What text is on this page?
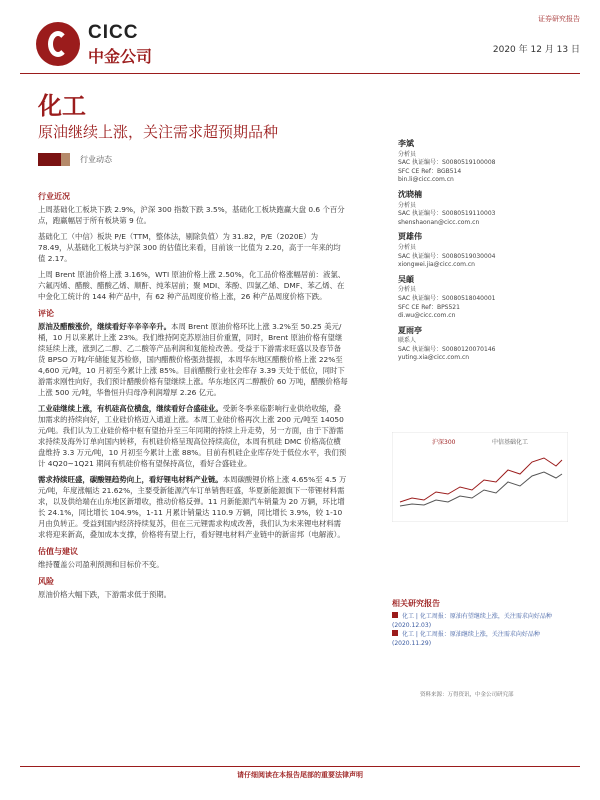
CICC
中金公司
证券研究报告
2020 年 12 月 13 日
化工
原油继续上涨，关注需求超预期品种
行业动态
行业近况

上周基础化工板块下跌 2.9%，沪深 300 指数下跌 3.5%，基础化工板块跑赢大盘 0.6 个百分点，跑赢幅居于所有板块第 9 位。

基础化工（中信）板块 P/E（TTM，整体法，剔除负值）为 31.82，P/E（2020E）为 78.49，从基础化工板块与沪深 300 的估值比来看，目前该一比值为 2.20，高于一年来的均值 2.17。

上周 Brent 原油价格上涨 3.16%，WTI 原油价格上涨 2.50%，化工品价格涨幅居前：液氯、六氟丙烯、醋酸、醋酸乙烯、顺酐、纯苯居前；聚 MDI、苯酚、四氯乙烯、DMF、苯乙烯、在中金化工统计的 144 种产品中，有 62 种产品周度价格上涨，26 种产品周度价格下跌。

评论

原油及醋酸涨价，继续看好辛辛辛辛升。本周 Brent 原油价格环比上涨 3.2%至 50.25 美元/桶，10 月以来累计上涨 23%。我们维持阿克苏原油目价重置，同时，Brent 原油价格有望继续延续上涨，涨到乙二醇、乙二酸等产品利润和复能检改善。受益于下游需求旺盛以及春节备货 BPSO 万吨/年储能复苏检修，国内醋酸价格强劲提振，本周华东地区醋酸价格上涨 22%至 4,600 元/吨，10 月初至今累计上涨 85%。目前醋酸行业社会库存 3.39 天处于低位，同时下游需求刚性向好，我们预计醋酸价格有望继续上涨。华东地区丙二醇酸价 60 万吨，醋酸价格每上涨 500 元/吨，华鲁恒升归母净利润增厚 2.26 亿元。

工业硅继续上涨，有机硅高位横盘，继续看好合盛硅业。受新冬季来临影响行业供给收缩，叠加需求的持续向好，工业硅价格迈入通道上涨。本周工业硅价格再次上涨 200 元/吨至 14050 元/吨。我们认为工业硅价格中枢有望抬升至三年同期的持续上升走势，另一方面，由于下游需求持续及海外订单向国内转移，有机硅价格呈现高位持续高位，本周有机硅 DMC 价格高位横盘维持 3.3 万元/吨，10 月初至今累计上涨 88%。目前有机硅企业库存处于低位水平，我们预计 4Q20~1Q21 期间有机硅价格有望保持高位，看好合盛硅业。

需求持续旺盛，碳酸锂趋势向上，看好锂电材料产业链。本周碳酸锂价格上涨 4.65%至 4.5 万元/吨，年度涨幅达 21.62%，主要受新能源汽车订单销售旺盛，华夏新能源旗下一带锂材料需求，以及供给端在山东地区新增收，推动价格反弹。11 月新能源汽车销量为 20 万辆，环比增长 24.1%，同比增长 104.9%，1-11 月累计销量达 110.9 万辆，同比增长 3.9%，较 1-10 月由负转正。受益到国内经济持续复苏，但在三元锂需求构成改善，我们认为未来锂电材料需求将迎来新高，叠加成本支撑，价格将有望上行，看好锂电材料产业链中的新宙邦（电解液）。

估值与建议

维持覆盖公司盈利预测和目标价不变。

风险

原油价格大幅下跌，下游需求低于预期。

李斌
分析员
SAC 执证编号：S0080519100008
SFC CE Ref：BGB514
bin.li@cicc.com.cn
沈晓楠
分析员
SAC 执证编号：S0080519110003
shenshaonan@cicc.com.cn
贾雄伟
分析员
SAC 执证编号：S0080519030004
xiongwei.jia@cicc.com.cn
吴頔
分析员
SAC 执证编号：S0080518040001
SFC CE Ref：BPS521
di.wu@cicc.com.cn
夏雨亭
联系人
SAC 执证编号：S0080120070146
yuting.xia@cicc.com.cn
沪深300	中信基础化工
相关研究报告
化工 | 化工周报：原油有望继续上涨，关注需求向好品种 (2020.12.03)
化工 | 化工周报：原油继续上涨，关注需求向好品种 (2020.11.29)
资料来源：万得资讯，中金公司研究部
请仔细阅读在本报告尾部的重要法律声明
